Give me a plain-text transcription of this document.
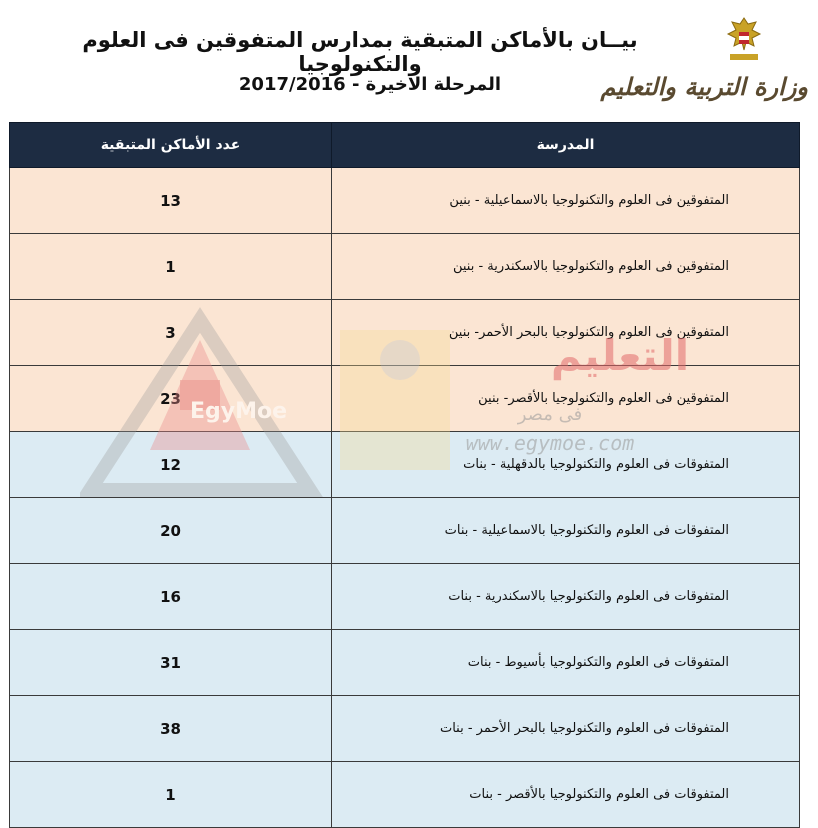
بيــان بالأماكن المتبقية بمدارس المتفوقين فى العلوم والتكنولوجيا
المرحلة الاخيرة - 2017/2016	وزارة التربية والتعليم
عدد الأماكن المتبقية	المدرسة
13	المتفوقين فى العلوم والتكنولوجيا بالاسماعيلية - بنين
1	المتفوقين فى العلوم والتكنولوجيا بالاسكندرية - بنين
3	المتفوقين فى العلوم والتكنولوجيا بالبحر الأحمر- بنين
23	المتفوقين فى العلوم والتكنولوجيا بالأقصر- بنين
12	المتفوقات فى العلوم والتكنولوجيا بالدقهلية - بنات
20	المتفوقات فى العلوم والتكنولوجيا بالاسماعيلية - بنات
16	المتفوقات فى العلوم والتكنولوجيا بالاسكندرية - بنات
31	المتفوقات فى العلوم والتكنولوجيا بأسيوط - بنات
38	المتفوقات فى العلوم والتكنولوجيا بالبحر الأحمر - بنات
1	المتفوقات فى العلوم والتكنولوجيا بالأقصر - بنات
EgyMoe
التعليم
فى مصر
www.egymoe.com
